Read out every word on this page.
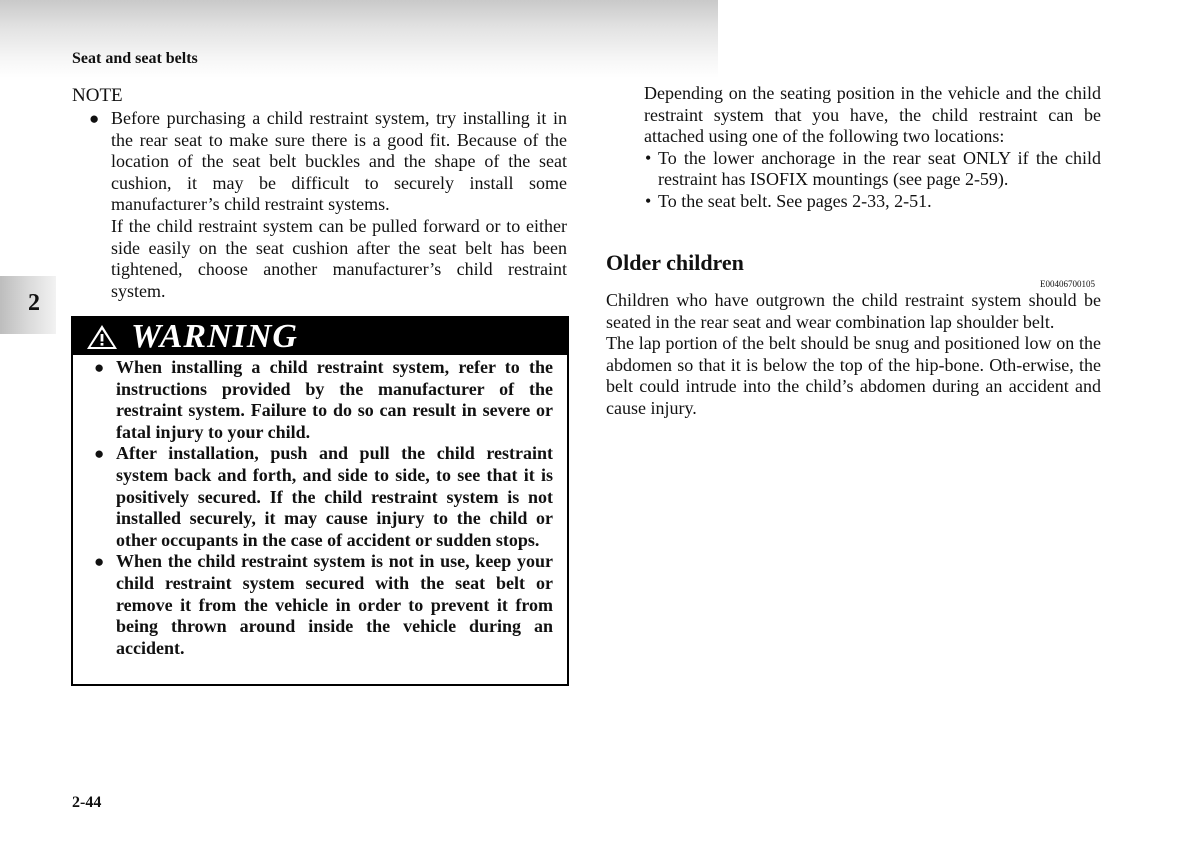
Seat and seat belts
2
NOTE
● Before purchasing a child restraint system, try installing it in the rear seat to make sure there is a good fit. Because of the location of the seat belt buckles and the shape of the seat cushion, it may be difficult to securely install some manufacturer’s child restraint systems.

If the child restraint system can be pulled forward or to either side easily on the seat cushion after the seat belt has been tightened, choose another manufacturer’s child restraint system.

WARNING
● When installing a child restraint system, refer to the instructions provided by the manufacturer of the restraint system. Failure to do so can result in severe or fatal injury to your child.
● After installation, push and pull the child restraint system back and forth, and side to side, to see that it is positively secured. If the child restraint system is not installed securely, it may cause injury to the child or other occupants in the case of accident or sudden stops.
● When the child restraint system is not in use, keep your child restraint system secured with the seat belt or remove it from the vehicle in order to prevent it from being thrown around inside the vehicle during an accident.

Depending on the seating position in the vehicle and the child restraint system that you have, the child restraint can be attached using one of the following two locations:

• To the lower anchorage in the rear seat ONLY if the child restraint has ISOFIX mountings (see page 2-59).
• To the seat belt. See pages 2-33, 2-51.
Older children
E00406700105

Children who have outgrown the child restraint system should be seated in the rear seat and wear combination lap shoulder belt.

The lap portion of the belt should be snug and positioned low on the abdomen so that it is below the top of the hip-bone. Oth-erwise, the belt could intrude into the child’s abdomen during an accident and cause injury.

2-44
